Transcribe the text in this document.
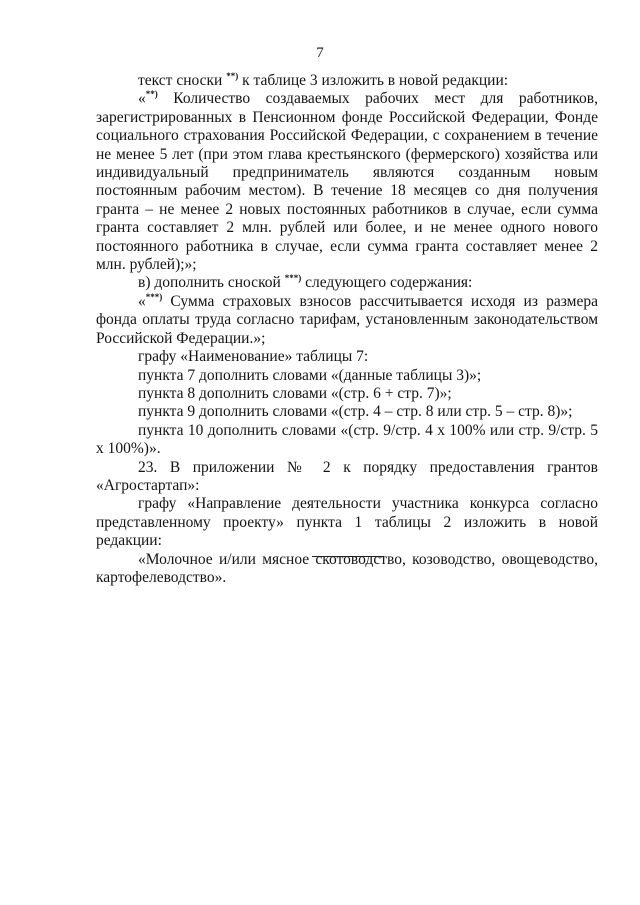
7

текст сноски **) к таблице 3 изложить в новой редакции:

«**) Количество создаваемых рабочих мест для работников, зарегистрированных в Пенсионном фонде Российской Федерации, Фонде социального страхования Российской Федерации, с сохранением в течение не менее 5 лет (при этом глава крестьянского (фермерского) хозяйства или индивидуальный предприниматель являются созданным новым постоянным рабочим местом). В течение 18 месяцев со дня получения гранта – не менее 2 новых постоянных работников в случае, если сумма гранта составляет 2 млн. рублей или более, и не менее одного нового постоянного работника в случае, если сумма гранта составляет менее 2 млн. рублей);»;

в) дополнить сноской ***) следующего содержания:

«***) Сумма страховых взносов рассчитывается исходя из размера фонда оплаты труда согласно тарифам, установленным законодательством Российской Федерации.»;

графу «Наименование» таблицы 7:

пункта 7 дополнить словами «(данные таблицы 3)»;

пункта 8 дополнить словами «(стр. 6 + стр. 7)»;

пункта 9 дополнить словами «(стр. 4 – стр. 8 или стр. 5 – стр. 8)»;

пункта 10 дополнить словами «(стр. 9/стр. 4 х 100% или стр. 9/стр. 5 х 100%)».

23. В приложении № 2 к порядку предоставления грантов «Агростартап»:

графу «Направление деятельности участника конкурса согласно представленному проекту» пункта 1 таблицы 2 изложить в новой редакции:

«Молочное и/или мясное скотоводство, козоводство, овощеводство, картофелеводство».
